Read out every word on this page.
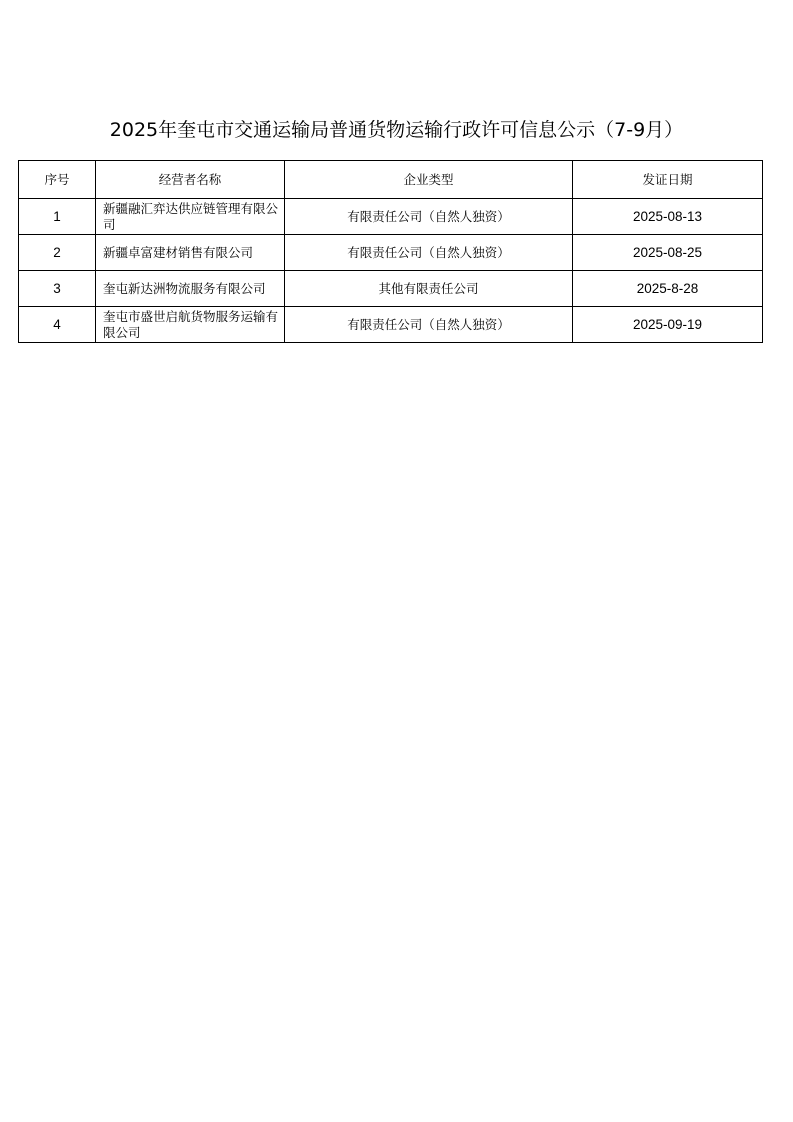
2025年奎屯市交通运输局普通货物运输行政许可信息公示（7-9月）
序号	经营者名称	企业类型	发证日期
1	新疆融汇弈达供应链管理有限公司	有限责任公司（自然人独资）	2025-08-13
2	新疆卓富建材销售有限公司	有限责任公司（自然人独资）	2025-08-25
3	奎屯新达洲物流服务有限公司	其他有限责任公司	2025-8-28
4	奎屯市盛世启航货物服务运输有限公司	有限责任公司（自然人独资）	2025-09-19
